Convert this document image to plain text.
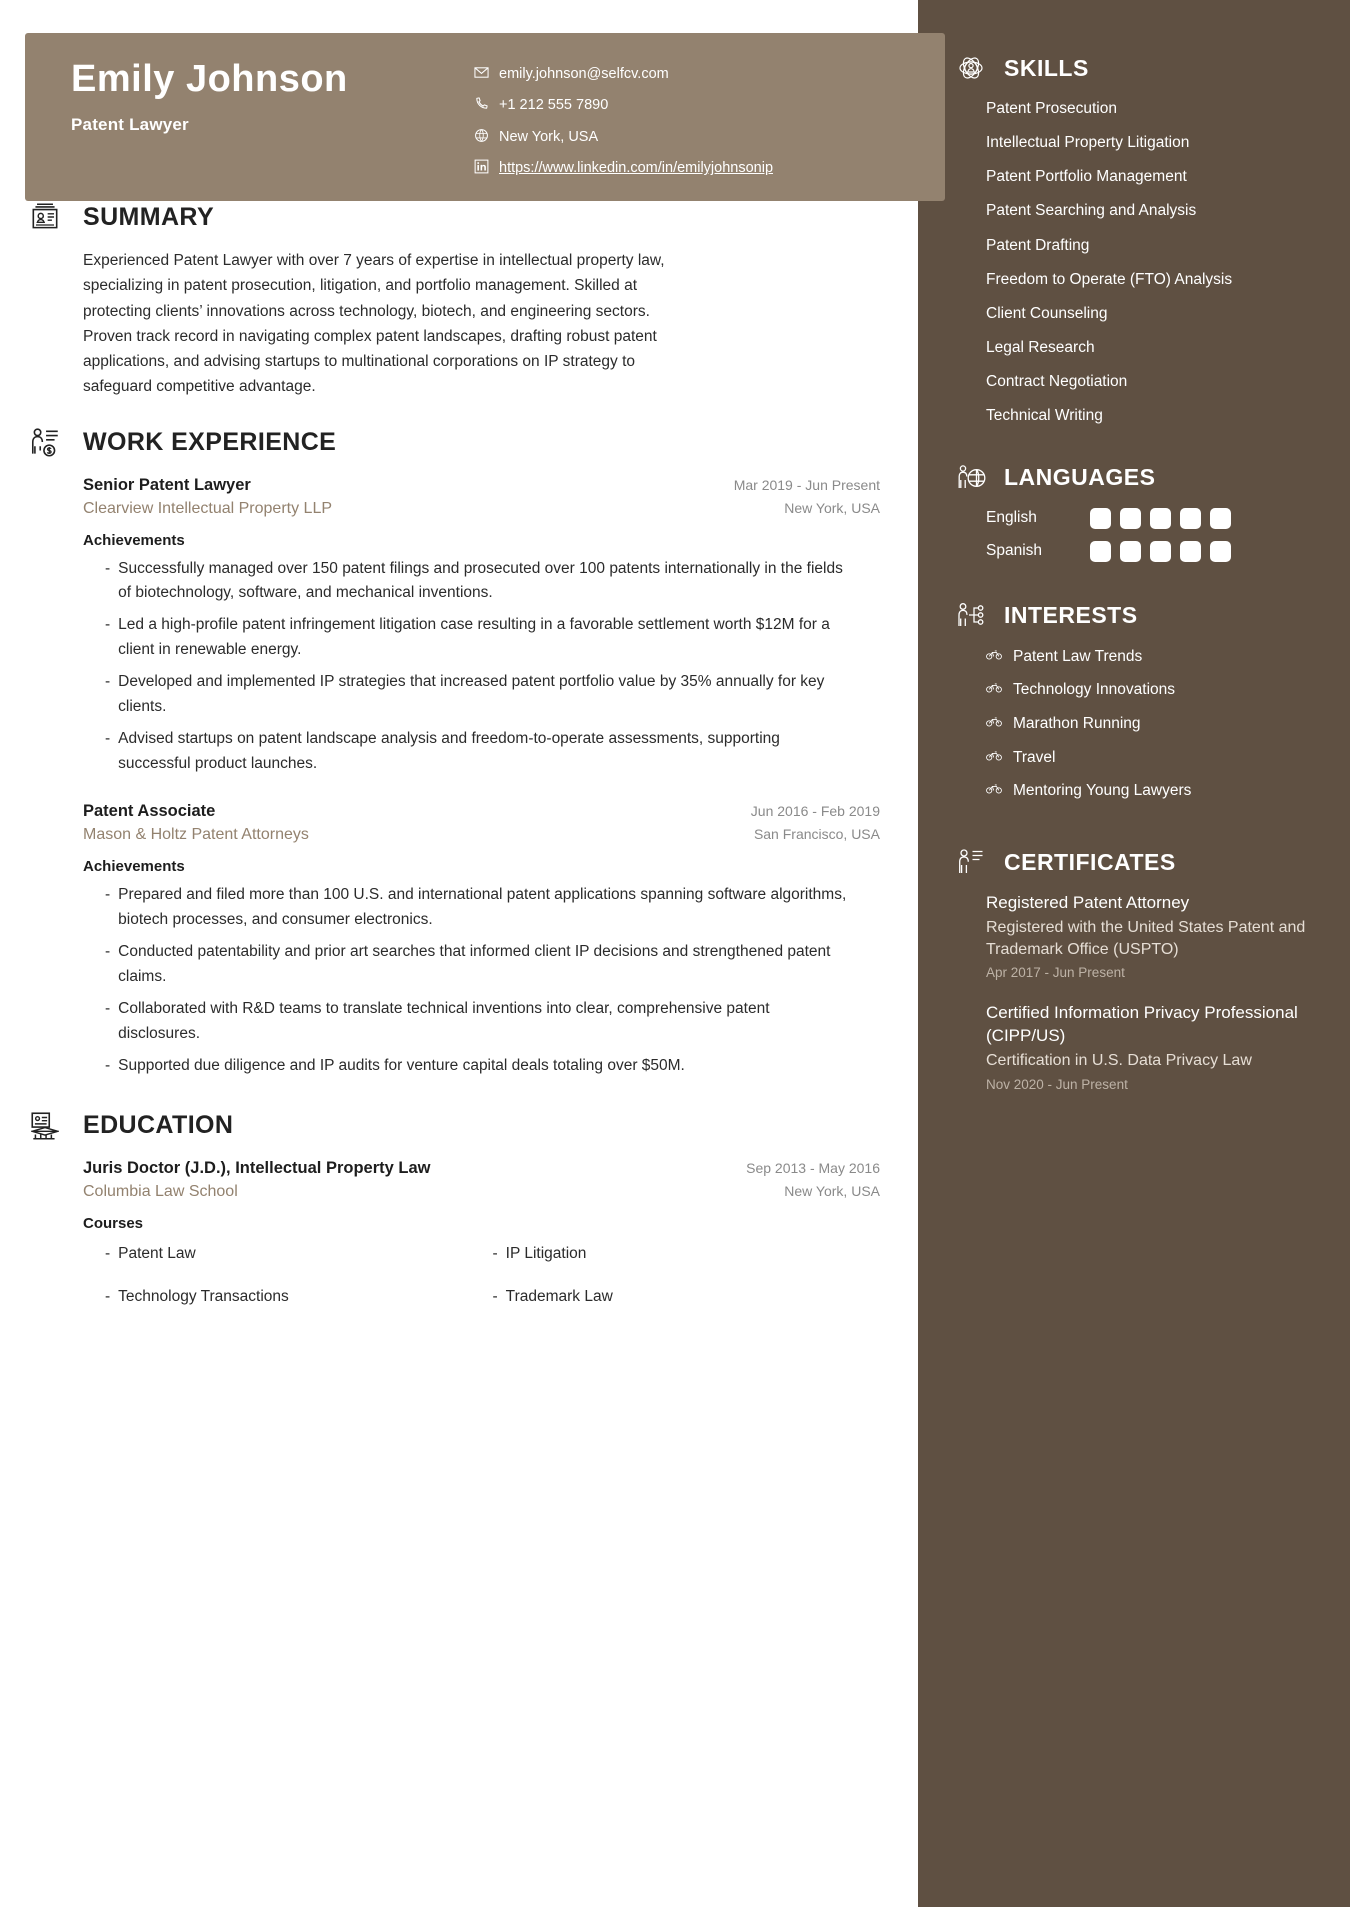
Emily Johnson
Patent Lawyer
emily.johnson@selfcv.com
+1 212 555 7890
New York, USA
https://www.linkedin.com/in/emilyjohnsonip
SUMMARY
Experienced Patent Lawyer with over 7 years of expertise in intellectual property law, specializing in patent prosecution, litigation, and portfolio management. Skilled at protecting clients’ innovations across technology, biotech, and engineering sectors. Proven track record in navigating complex patent landscapes, drafting robust patent applications, and advising startups to multinational corporations on IP strategy to safeguard competitive advantage.
WORK EXPERIENCE
Senior Patent Lawyer	Mar 2019 - Jun Present
Clearview Intellectual Property LLP	New York, USA
Achievements
- Successfully managed over 150 patent filings and prosecuted over 100 patents internationally in the fields of biotechnology, software, and mechanical inventions.
- Led a high-profile patent infringement litigation case resulting in a favorable settlement worth $12M for a client in renewable energy.
- Developed and implemented IP strategies that increased patent portfolio value by 35% annually for key clients.
- Advised startups on patent landscape analysis and freedom-to-operate assessments, supporting successful product launches.
Patent Associate	Jun 2016 - Feb 2019
Mason & Holtz Patent Attorneys	San Francisco, USA
Achievements
- Prepared and filed more than 100 U.S. and international patent applications spanning software algorithms, biotech processes, and consumer electronics.
- Conducted patentability and prior art searches that informed client IP decisions and strengthened patent claims.
- Collaborated with R&D teams to translate technical inventions into clear, comprehensive patent disclosures.
- Supported due diligence and IP audits for venture capital deals totaling over $50M.
EDUCATION
Juris Doctor (J.D.), Intellectual Property Law	Sep 2013 - May 2016
Columbia Law School	New York, USA
Courses
- Patent Law	- IP Litigation
- Technology Transactions	- Trademark Law
SKILLS
Patent Prosecution
Intellectual Property Litigation
Patent Portfolio Management
Patent Searching and Analysis
Patent Drafting
Freedom to Operate (FTO) Analysis
Client Counseling
Legal Research
Contract Negotiation
Technical Writing
LANGUAGES
English
Spanish
INTERESTS
Patent Law Trends
Technology Innovations
Marathon Running
Travel
Mentoring Young Lawyers
CERTIFICATES
Registered Patent Attorney
Registered with the United States Patent and Trademark Office (USPTO)
Apr 2017 - Jun Present
Certified Information Privacy Professional (CIPP/US)
Certification in U.S. Data Privacy Law
Nov 2020 - Jun Present
